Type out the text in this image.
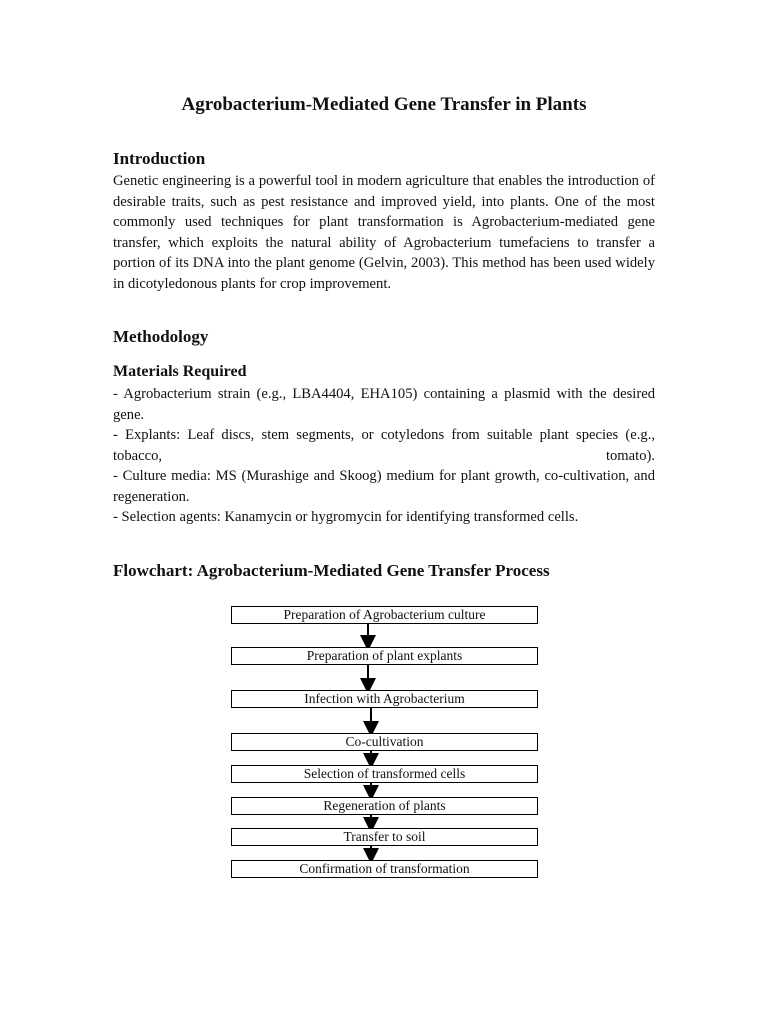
Agrobacterium-Mediated Gene Transfer in Plants
Introduction

Genetic engineering is a powerful tool in modern agriculture that enables the introduction of desirable traits, such as pest resistance and improved yield, into plants. One of the most commonly used techniques for plant transformation is Agrobacterium-mediated gene transfer, which exploits the natural ability of Agrobacterium tumefaciens to transfer a portion of its DNA into the plant genome (Gelvin, 2003). This method has been used widely in dicotyledonous plants for crop improvement.

Methodology
Materials Required
- Agrobacterium strain (e.g., LBA4404, EHA105) containing a plasmid with the desired gene.
- Explants: Leaf discs, stem segments, or cotyledons from suitable plant species (e.g., tobacco, tomato).
- Culture media: MS (Murashige and Skoog) medium for plant growth, co-cultivation, and regeneration.
- Selection agents: Kanamycin or hygromycin for identifying transformed cells.
Flowchart: Agrobacterium-Mediated Gene Transfer Process
Preparation of Agrobacterium culture
Preparation of plant explants
Infection with Agrobacterium
Co-cultivation
Selection of transformed cells
Regeneration of plants
Transfer to soil
Confirmation of transformation
